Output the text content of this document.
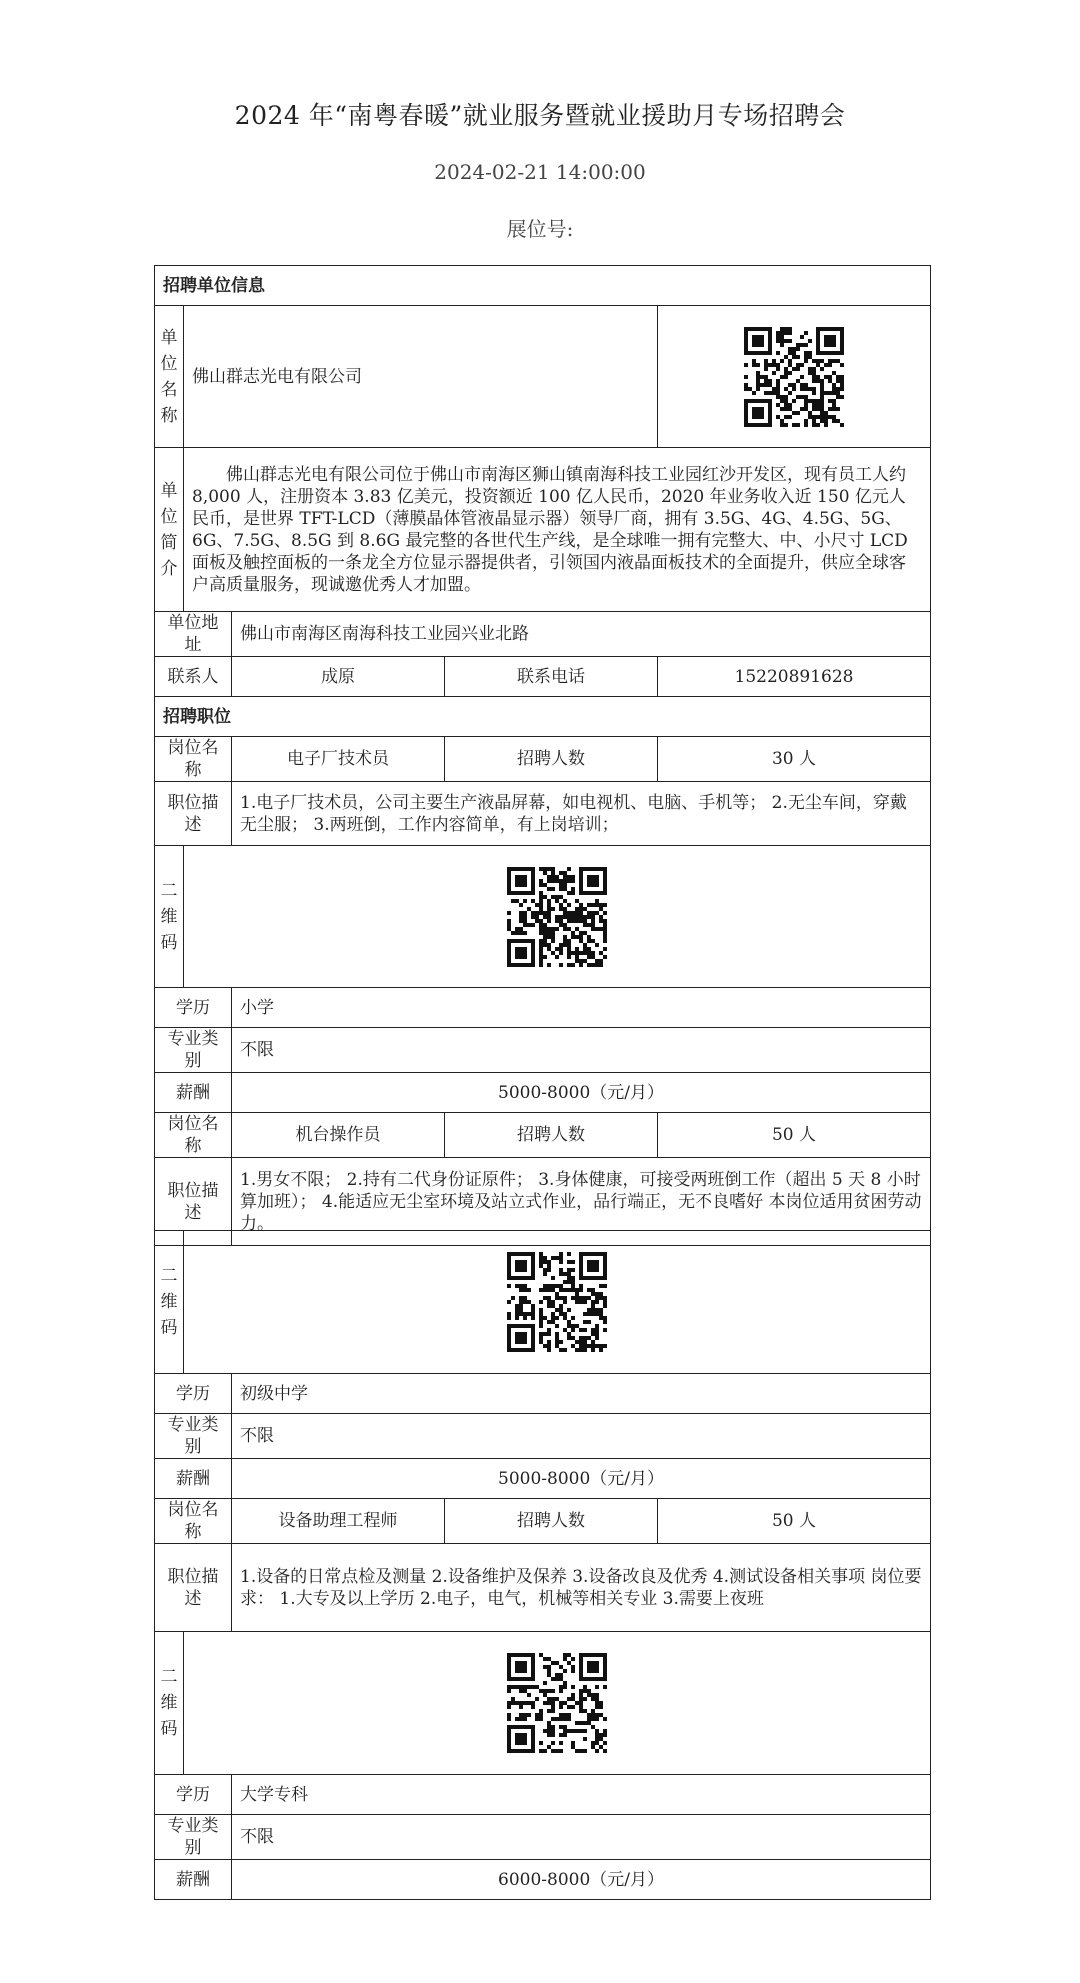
2024 年“南粤春暖”就业服务暨就业援助月专场招聘会
2024-02-21 14:00:00
展位号:
招聘单位信息				

单位名称	佛山群志光电有限公司	

单位简介	佛山群志光电有限公司位于佛山市南海区狮山镇南海科技工业园红沙开发区，现有员工人约 8,000 人，注册资本 3.83 亿美元，投资额近 100 亿人民币，2020 年业务收入近 150 亿元人民币，是世界 TFT-LCD（薄膜晶体管液晶显示器）领导厂商，拥有 3.5G、4G、4.5G、5G、6G、7.5G、8.5G 到 8.6G 最完整的各世代生产线，是全球唯一拥有完整大、中、小尺寸 LCD 面板及触控面板的一条龙全方位显示器提供者，引领国内液晶面板技术的全面提升，供应全球客户高质量服务，现诚邀优秀人才加盟。			
单位地址		佛山市南海区南海科技工业园兴业北路		
联系人		成原	联系电话	15220891628
招聘职位				
岗位名称		电子厂技术员	招聘人数	30 人
职位描述		1.电子厂技术员，公司主要生产液晶屏幕，如电视机、电脑、手机等； 2.无尘车间，穿戴无尘服； 3.两班倒，工作内容简单，有上岗培训；		

二维码

学历		小学		
专业类别		不限		
薪酬		5000-8000（元/月）		
岗位名称		机台操作员	招聘人数	50 人
职位描述		1.男女不限； 2.持有二代身份证原件； 3.身体健康，可接受两班倒工作（超出 5 天 8 小时算加班）； 4.能适应无尘室环境及站立式作业，品行端正，无不良嗜好 本岗位适用贫困劳动力。		
二维码

学历		初级中学		
专业类别		不限		
薪酬		5000-8000（元/月）		
岗位名称		设备助理工程师	招聘人数	50 人
职位描述		1.设备的日常点检及测量 2.设备维护及保养 3.设备改良及优秀 4.测试设备相关事项 岗位要求： 1.大专及以上学历 2.电子，电气，机械等相关专业 3.需要上夜班		

二维码

学历		大学专科		
专业类别		不限		
薪酬		6000-8000（元/月）		
